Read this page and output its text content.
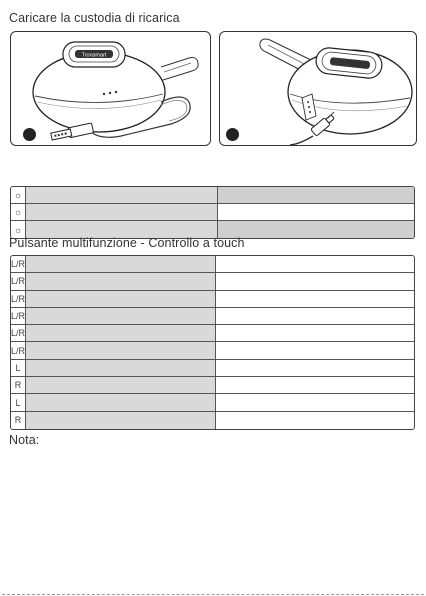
Caricare la custodia di ricarica
Tronsmart
☼
☼
☼
Pulsante multifunzione - Controllo a touch
L/R
L/R
L/R
L/R
L/R
L/R
L
R
L
R
Nota:
